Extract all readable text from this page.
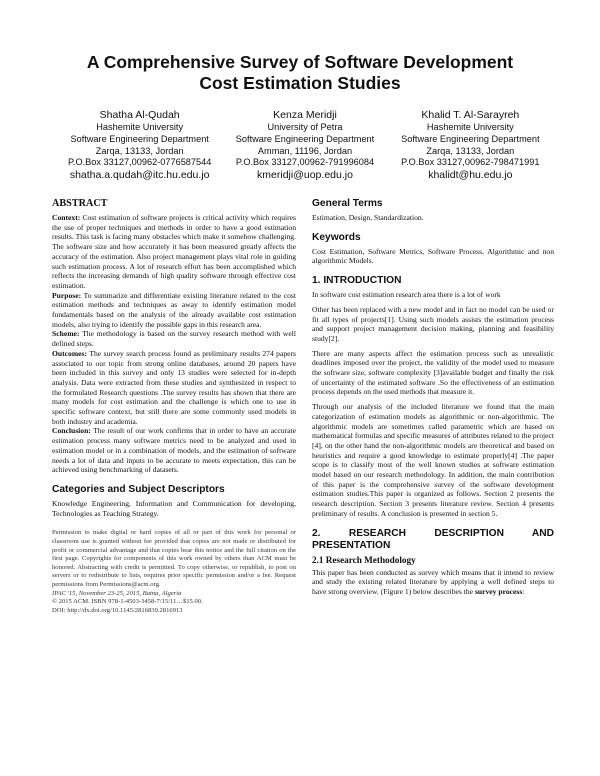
A Comprehensive Survey of Software Development
Cost Estimation Studies
Shatha Al-Qudah
Hashemite University
Software Engineering Department
Zarqa, 13133, Jordan
P.O.Box 33127,00962-0776587544
shatha.a.qudah@itc.hu.edu.jo
Kenza Meridji
University of Petra
Software Engineering Department
Amman, 11196, Jordan
P.O.Box 33127,00962-791996084
kmeridji@uop.edu.jo
Khalid T. Al-Sarayreh
Hashemite University
Software Engineering Department
Zarqa, 13133, Jordan
P.O.Box 33127,00962-798471991
khalidt@hu.edu.jo
ABSTRACT

Context: Cost estimation of software projects is critical activity which requires the use of proper techniques and methods in order to have a good estimation results. This task is facing many obstacles which make it somehow challenging. The software size and how accurately it has been measured greatly affects the accuracy of the estimation. Also project management plays vital role in guiding such estimation process. A lot of research effort has been accomplished which reflects the increasing demands of high quality software through effective cost estimation.

Purpose: To summarize and differentiate existing literature related to the cost estimation methods and techniques as away to identify estimation model fundamentals based on the analysis of the already available cost estimation models, also trying to identify the possible gaps in this research area.

Scheme: The methodology is based on the survey research method with well defined steps.

Outcomes: The survey search process found as preliminary results 274 papers associated to our topic from strong online databases, around 20 papers have been included in this survey and only 13 studies were selected for in-depth analysis. Data were extracted from these studies and synthesized in respect to the formulated Research questions .The survey results has shown that there are many models for cost estimation and the challenge is which one to use in specific software context, but still there are some commonly used models in both industry and academia.

Conclusion: The result of our work confirms that in order to have an accurate estimation process many software metrics need to be analyzed and used in estimation model or in a combination of models, and the estimation of software needs a lot of data and inputs to be accurate to meets expectation, this can be achieved using benchmarking of datasets.

Categories and Subject Descriptors

Knowledge Engineering, Information and Communication for developing, Technologies as Teaching Strategy.

Permission to make digital or hard copies of all or part of this work for personal or classroom use is granted without fee provided that copies are not made or distributed for profit or commercial advantage and that copies bear this notice and the full citation on the first page. Copyrights for components of this work owned by others than ACM must be honored. Abstracting with credit is permitted. To copy otherwise, or republish, to post on servers or to redistribute to lists, requires prior specific permission and/or a fee. Request permissions from Permissions@acm.org.

IPAC '15, November 23-25, 2015, Batna, Algeria

© 2015 ACM. ISBN 978-1-4503-3458-7/15/11…$15.00.

DOI: http://dx.doi.org/10.1145/2816839.2816913

General Terms

Estimation, Design, Standardization.

Keywords

Cost Estimation, Software Metrics, Software Process, Algorithmic and non algorithmic Models.

1. INTRODUCTION

In software cost estimation research area there is a lot of work

Other has been replaced with a new model and in fact no model can be used or fit all types of projects[1]. Using such models assists the estimation process and support project management decision making, planning and feasibility study[2].

There are many aspects affect the estimation process such as unrealistic deadlines imposed over the project, the validity of the model used to measure the software size, software complexity [3]available budget and finally the risk of uncertainty of the estimated software .So the effectiveness of an estimation process depends on the used methods that measure it.

Through our analysis of the included literature we found that the main categorization of estimation models as algorithmic or non-algorithmic. The algorithmic models are sometimes called parametric which are based on mathematical formulas and specific measures of attributes related to the project [4], on the other hand the non-algorithmic models are theoretical and based on heuristics and require a good knowledge to estimate properly[4] .The paper scope is to classify most of the well known studies at software estimation model based on our research methodology. In addition, the main contribution of this paper is the comprehensive survey of the software development estimation studies.This paper is organized as follows. Section 2 presents the research description. Section 3 presents literature review. Section 4 presents preliminary of results. A conclusion is presented in section 5.

2. RESEARCH DESCRIPTION AND PRESENTATION
2.1 Research Methodology

This paper has been conducted as survey which means that it intend to review and study the existing related literature by applying a well defined steps to have strong overview. (Figure 1) below describes the survey process:
